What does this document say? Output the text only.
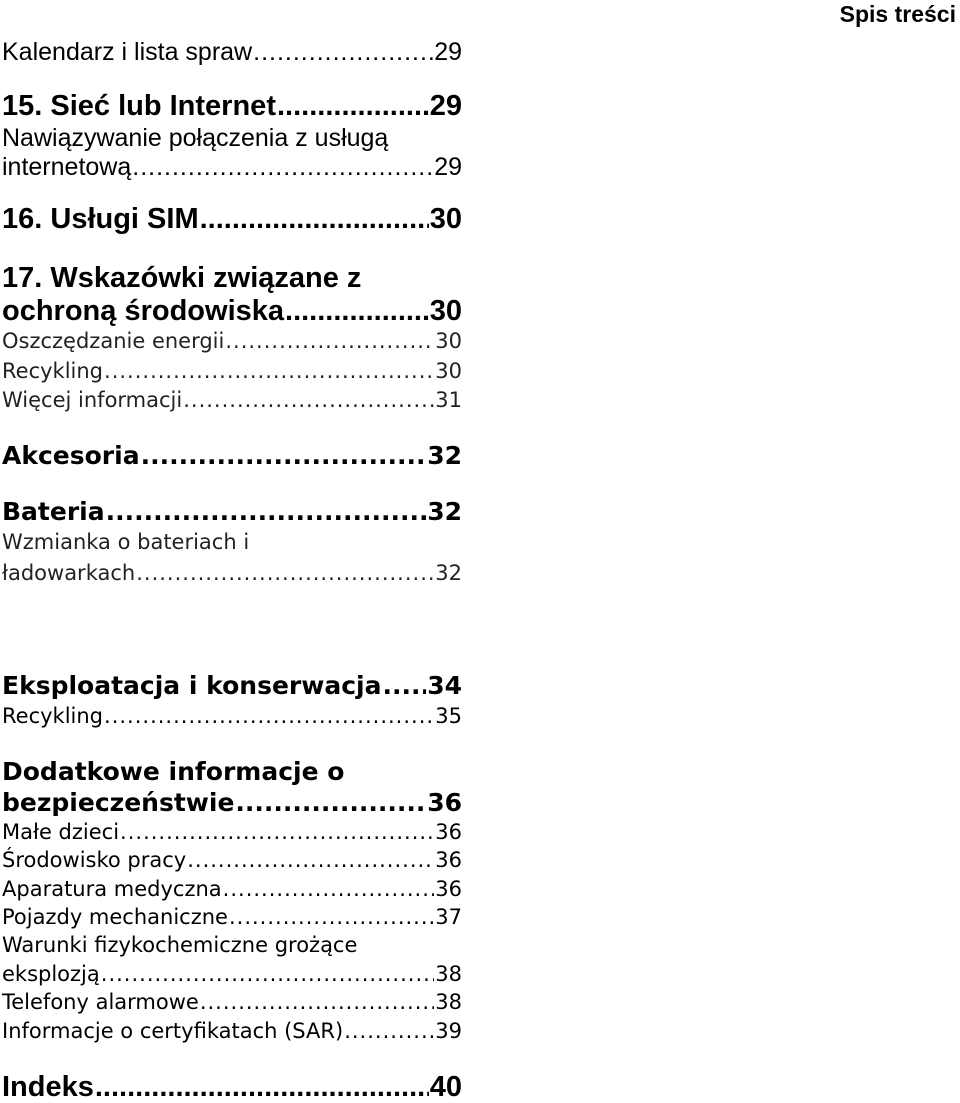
Spis treści
Kalendarz i lista spraw .....	29
15. Sieć lub Internet .....	29
Nawiązywanie połączenia z usługą
internetową .....	29
16. Usługi SIM .....	30
17. Wskazówki związane z
ochroną środowiska .....	30
Oszczędzanie energii .....	30
Recykling .....	30
Więcej informacji .....	31
Akcesoria .....	32
Bateria .....	32
Wzmianka o bateriach i
ładowarkach .....	32
Eksploatacja i konserwacja ..... 34
Recykling .....	35
Dodatkowe informacje o
bezpieczeństwie .....	36
Małe dzieci .....	36
Środowisko pracy .....	36
Aparatura medyczna .....	36
Pojazdy mechaniczne .....	37
Warunki fizykochemiczne grożące
eksplozją .....	38
Telefony alarmowe .....	38
Informacje o certyfikatach (SAR) .....	39
Indeks .....	40
